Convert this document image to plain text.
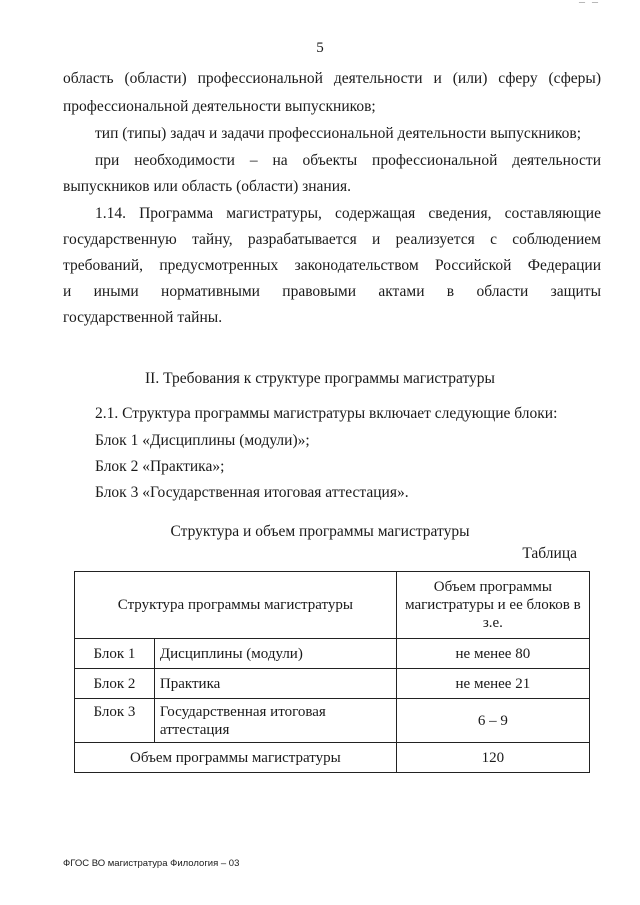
– –
5
область (области) профессиональной деятельности и (или) сферу (сферы)
профессиональной деятельности выпускников;
тип (типы) задач и задачи профессиональной деятельности выпускников;
при необходимости – на объекты профессиональной деятельности
выпускников или область (области) знания.
1.14. Программа магистратуры, содержащая сведения, составляющие
государственную тайну, разрабатывается и реализуется с соблюдением
требований, предусмотренных законодательством Российской Федерации
и иными нормативными правовыми актами в области защиты
государственной тайны.
II. Требования к структуре программы магистратуры
2.1. Структура программы магистратуры включает следующие блоки:
Блок 1 «Дисциплины (модули)»;
Блок 2 «Практика»;
Блок 3 «Государственная итоговая аттестация».
Структура и объем программы магистратуры
Таблица
Структура программы магистратуры		Объем программы магистратуры и ее блоков в з.е.
Блок 1	Дисциплины (модули)	не менее 80
Блок 2	Практика	не менее 21
Блок 3	Государственная итоговая аттестация	6 – 9
Объем программы магистратуры		120
ФГОС ВО магистратура Филология – 03
